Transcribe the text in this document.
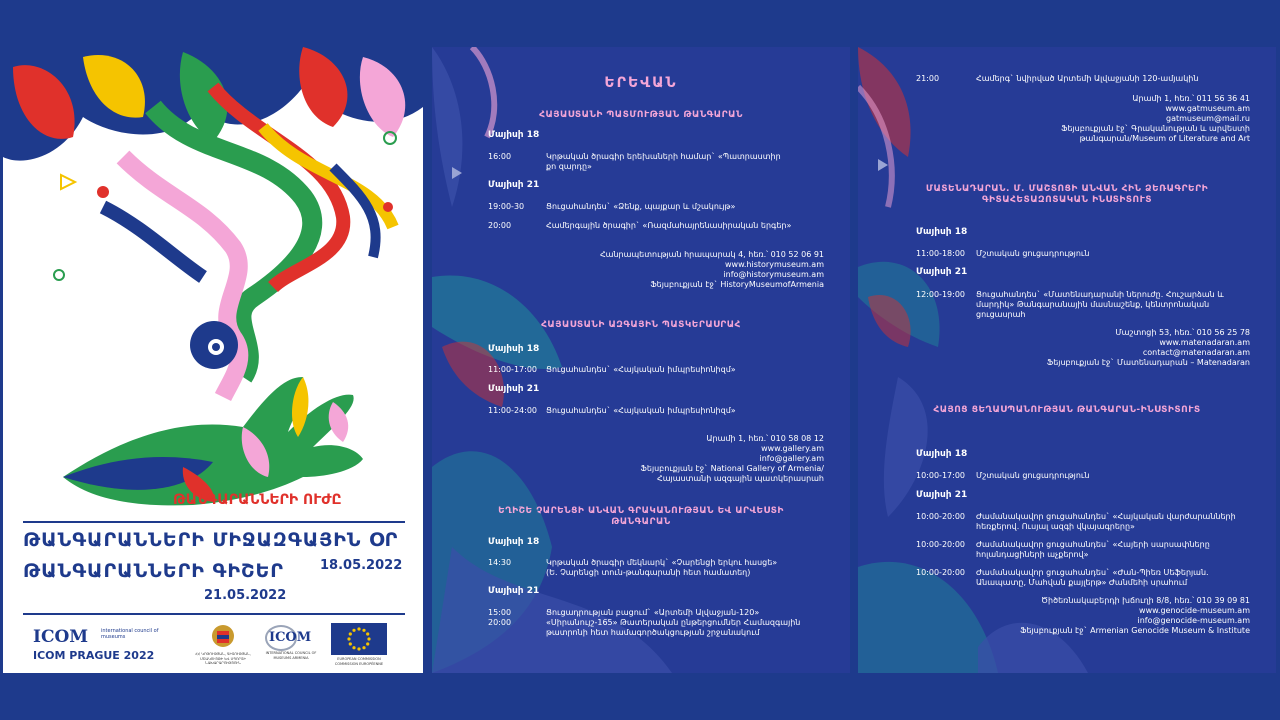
ԹԱՆԳԱՐԱՆՆԵՐԻ ՈՒԺԸ
ԹԱՆԳԱՐԱՆՆԵՐԻ ՄԻՋԱԶԳԱՅԻՆ ՕՐ
ԹԱՆԳԱՐԱՆՆԵՐԻ ԳԻՇԵՐ	18.05.2022
21.05.2022
ICOM	international council of museums
ICOM PRAGUE 2022	ՀՀ ԿՐԹՈՒԹՅԱՆ, ԳԻՏՈՒԹՅԱՆ, ՄՇԱԿՈՒՅԹԻ ԵՎ ՍՊՈՐՏԻ ՆԱԽԱՐԱՐՈՒԹՅՈՒՆ
ICOM
INTERNATIONAL COUNCIL OF MUSEUMS ARMENIA	EUROPEAN COMMISSION COMMISSION EUROPÉENNE
ԵՐԵՎԱՆ
ՀԱՅԱՍՏԱՆԻ ՊԱՏՄՈՒԹՅԱՆ ԹԱՆԳԱՐԱՆ
Մայիսի 18
16:00	Կրթական ծրագիր երեխաների համար` «Պատրաստիր քո զարդը»
Մայիսի 21
19:00-30	Ցուցահանդես` «Ձենք, պայքար և մշակույթ»
20:00	Համերգային ծրագիր` «Ռազմահայրենասիրական երգեր»
Հանրապետության հրապարակ 4, հեռ.՝ 010 52 06 91
www.historymuseum.am
info@historymuseum.am
Ֆեյսբուքյան էջ` HistoryMuseumofArmenia
ՀԱՅԱՍՏԱՆԻ ԱԶԳԱՅԻՆ ՊԱՏԿԵՐԱՍՐԱՀ
Մայիսի 18
11:00-17:00 Ցուցահանդես` «Հայկական իմպրեսիոնիզմ»
Մայիսի 21
11:00-24:00 Ցուցահանդես` «Հայկական իմպրեսիոնիզմ»
Արամի 1, հեռ.՝ 010 58 08 12
www.gallery.am
info@gallery.am
Ֆեյսբուքյան էջ` National Gallery of Armenia/
Հայաստանի ազգային պատկերասրահ
ԵՂԻՇԵ ՉԱՐԵՆՑԻ ԱՆՎԱՆ ԳՐԱԿԱՆՈՒԹՅԱՆ ԵՎ ԱՐՎԵՍՏԻ
ԹԱՆԳԱՐԱՆ
Մայիսի 18
14:30	Կրթական ծրագիր մեկնարկ` «Չարենցի երկու հասցե»
(Ե. Չարենցի տուն-թանգարանի հետ համատեղ)
Մայիսի 21
15:00	Ցուցադրության բացում` «Արտեմի Ալվաջյան-120»
20:00	«Սիրանույշ-165» Թատերական ընթերցումներ Համազգային
թատրոնի հետ համագործակցության շրջանակում
21:00	Համերգ` նվիրված Արտեմի Ալվաջյանի 120-ամյակին
Արամի 1, հեռ.՝ 011 56 36 41
www.gatmuseum.am
gatmuseum@mail.ru
Ֆեյսբուքյան էջ` Գրականության և արվեստի
թանգարան/Museum of Literature and Art
ՄԱՏԵՆԱԴԱՐԱՆ. Մ. ՄԱՇՏՈՑԻ ԱՆՎԱՆ ՀԻՆ ՁԵՌԱԳՐԵՐԻ
ԳԻՏԱՀԵՏԱԶՈՏԱԿԱՆ ԻՆՍՏԻՏՈՒՏ
Մայիսի 18
11:00-18:00 Մշտական ցուցադրություն
Մայիսի 21
12:00-19:00 Ցուցահանդես` «Մատենադարանի ներուժը. Հուշարձան և
մարդիկ» Թանգարանային մասնաշենք, կենտրոնական
ցուցասրահ
Մաշտոցի 53, հեռ.՝ 010 56 25 78
www.matenadaran.am
contact@matenadaran.am
Ֆեյսբուքյան էջ` Մատենադարան – Matenadaran
ՀԱՅՈՑ ՑԵՂԱՍՊԱՆՈՒԹՅԱՆ ԹԱՆԳԱՐԱՆ-ԻՆՍՏԻՏՈՒՏ
Մայիսի 18
10:00-17:00 Մշտական ցուցադրություն
Մայիսի 21
10:00-20:00 Ժամանակավոր ցուցահանդես` «Հայկական վարժարանների
հեռքերով. Ուսյալ ազգի վկայագրերը»
10:00-20:00 Ժամանակավոր ցուցահանդես` «Հայերի սարսափները
հոլանդացիների աչքերով»
10:00-20:00 Ժամանակավոր ցուցահանդես` «Ժան-Պիեռ Սեֆերյան.
Անապատը, Մահվան քայլերթ» Ժանմեհի սրահում
Ծիծեռնակաբերդի խճուղի 8/8, հեռ.՝ 010 39 09 81
www.genocide-museum.am
info@genocide-museum.am
Ֆեյսբուքյան էջ` Armenian Genocide Museum & Institute
